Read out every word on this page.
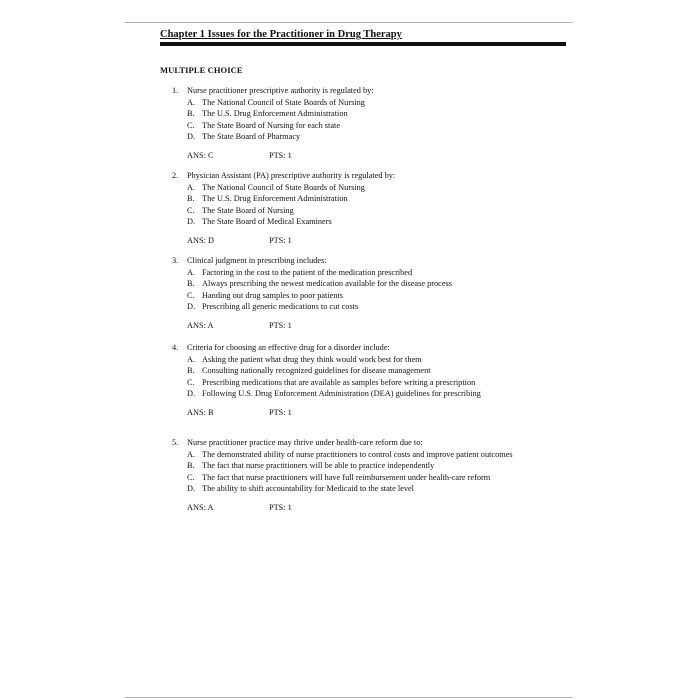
Chapter 1 Issues for the Practitioner in Drug Therapy
MULTIPLE CHOICE
1. Nurse practitioner prescriptive authority is regulated by:
A. The National Council of State Boards of Nursing
B. The U.S. Drug Enforcement Administration
C. The State Board of Nursing for each state
D. The State Board of Pharmacy
ANS: C	PTS: 1
2. Physician Assistant (PA) prescriptive authority is regulated by:
A. The National Council of State Boards of Nursing
B. The U.S. Drug Enforcement Administration
C. The State Board of Nursing
D. The State Board of Medical Examiners
ANS: D	PTS: 1
3. Clinical judgment in prescribing includes:
A. Factoring in the cost to the patient of the medication prescribed
B. Always prescribing the newest medication available for the disease process
C. Handing out drug samples to poor patients
D. Prescribing all generic medications to cut costs
ANS: A	PTS: 1
4. Criteria for choosing an effective drug for a disorder include:
A. Asking the patient what drug they think would work best for them
B. Consulting nationally recognized guidelines for disease management
C. Prescribing medications that are available as samples before writing a prescription
D. Following U.S. Drug Enforcement Administration (DEA) guidelines for prescribing
ANS: B	PTS: 1
5. Nurse practitioner practice may thrive under health-care reform due to:
A. The demonstrated ability of nurse practitioners to control costs and improve patient outcomes
B. The fact that nurse practitioners will be able to practice independently
C. The fact that nurse practitioners will have full reimbursement under health-care reform
D. The ability to shift accountability for Medicaid to the state level
ANS: A	PTS: 1
